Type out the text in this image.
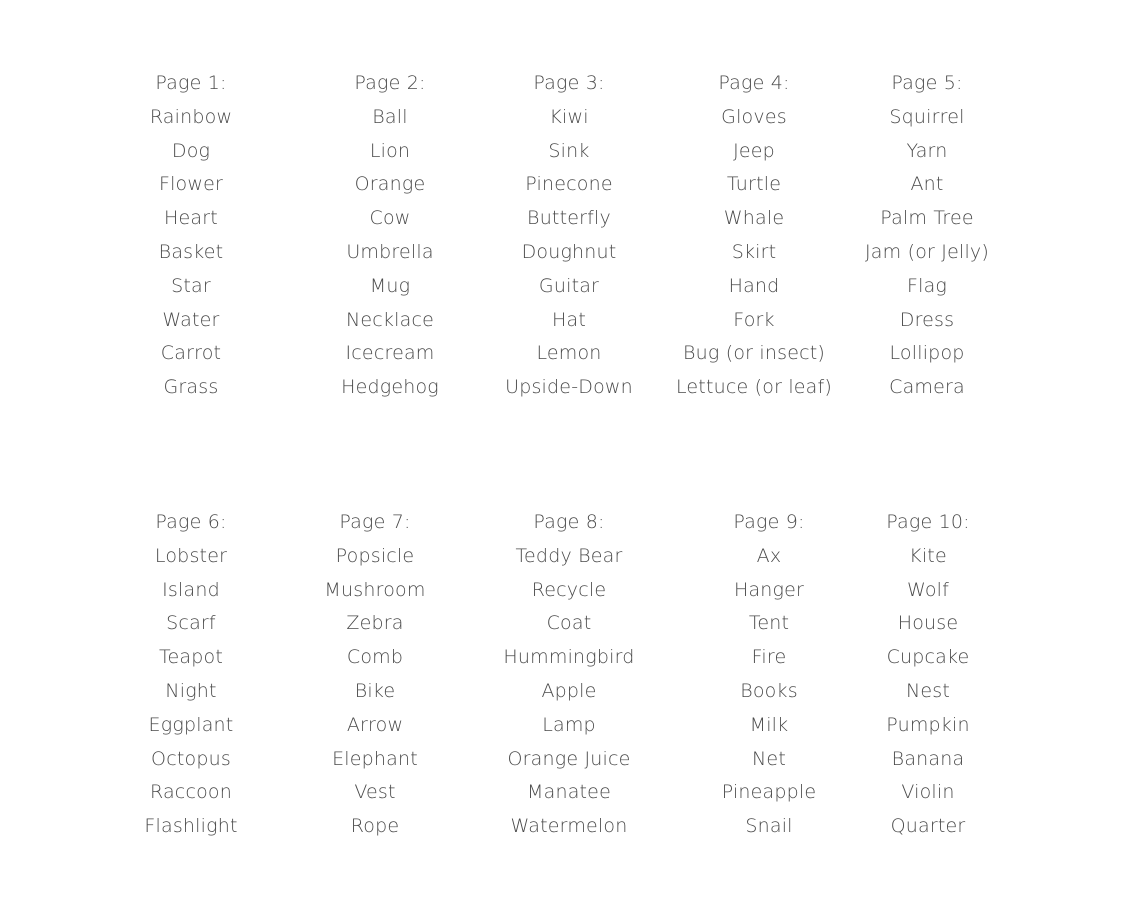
Page 1:
Rainbow
Dog
Flower
Heart
Basket
Star
Water
Carrot
Grass
Page 2:
Ball
Lion
Orange
Cow
Umbrella
Mug
Necklace
Icecream
Hedgehog
Page 3:
Kiwi
Sink
Pinecone
Butterfly
Doughnut
Guitar
Hat
Lemon
Upside-Down
Page 4:
Gloves
Jeep
Turtle
Whale
Skirt
Hand
Fork
Bug (or insect)
Lettuce (or leaf)
Page 5:
Squirrel
Yarn
Ant
Palm Tree
Jam (or Jelly)
Flag
Dress
Lollipop
Camera
Page 6:
Lobster
Island
Scarf
Teapot
Night
Eggplant
Octopus
Raccoon
Flashlight
Page 7:
Popsicle
Mushroom
Zebra
Comb
Bike
Arrow
Elephant
Vest
Rope
Page 8:
Teddy Bear
Recycle
Coat
Hummingbird
Apple
Lamp
Orange Juice
Manatee
Watermelon
Page 9:
Ax
Hanger
Tent
Fire
Books
Milk
Net
Pineapple
Snail
Page 10:
Kite
Wolf
House
Cupcake
Nest
Pumpkin
Banana
Violin
Quarter
